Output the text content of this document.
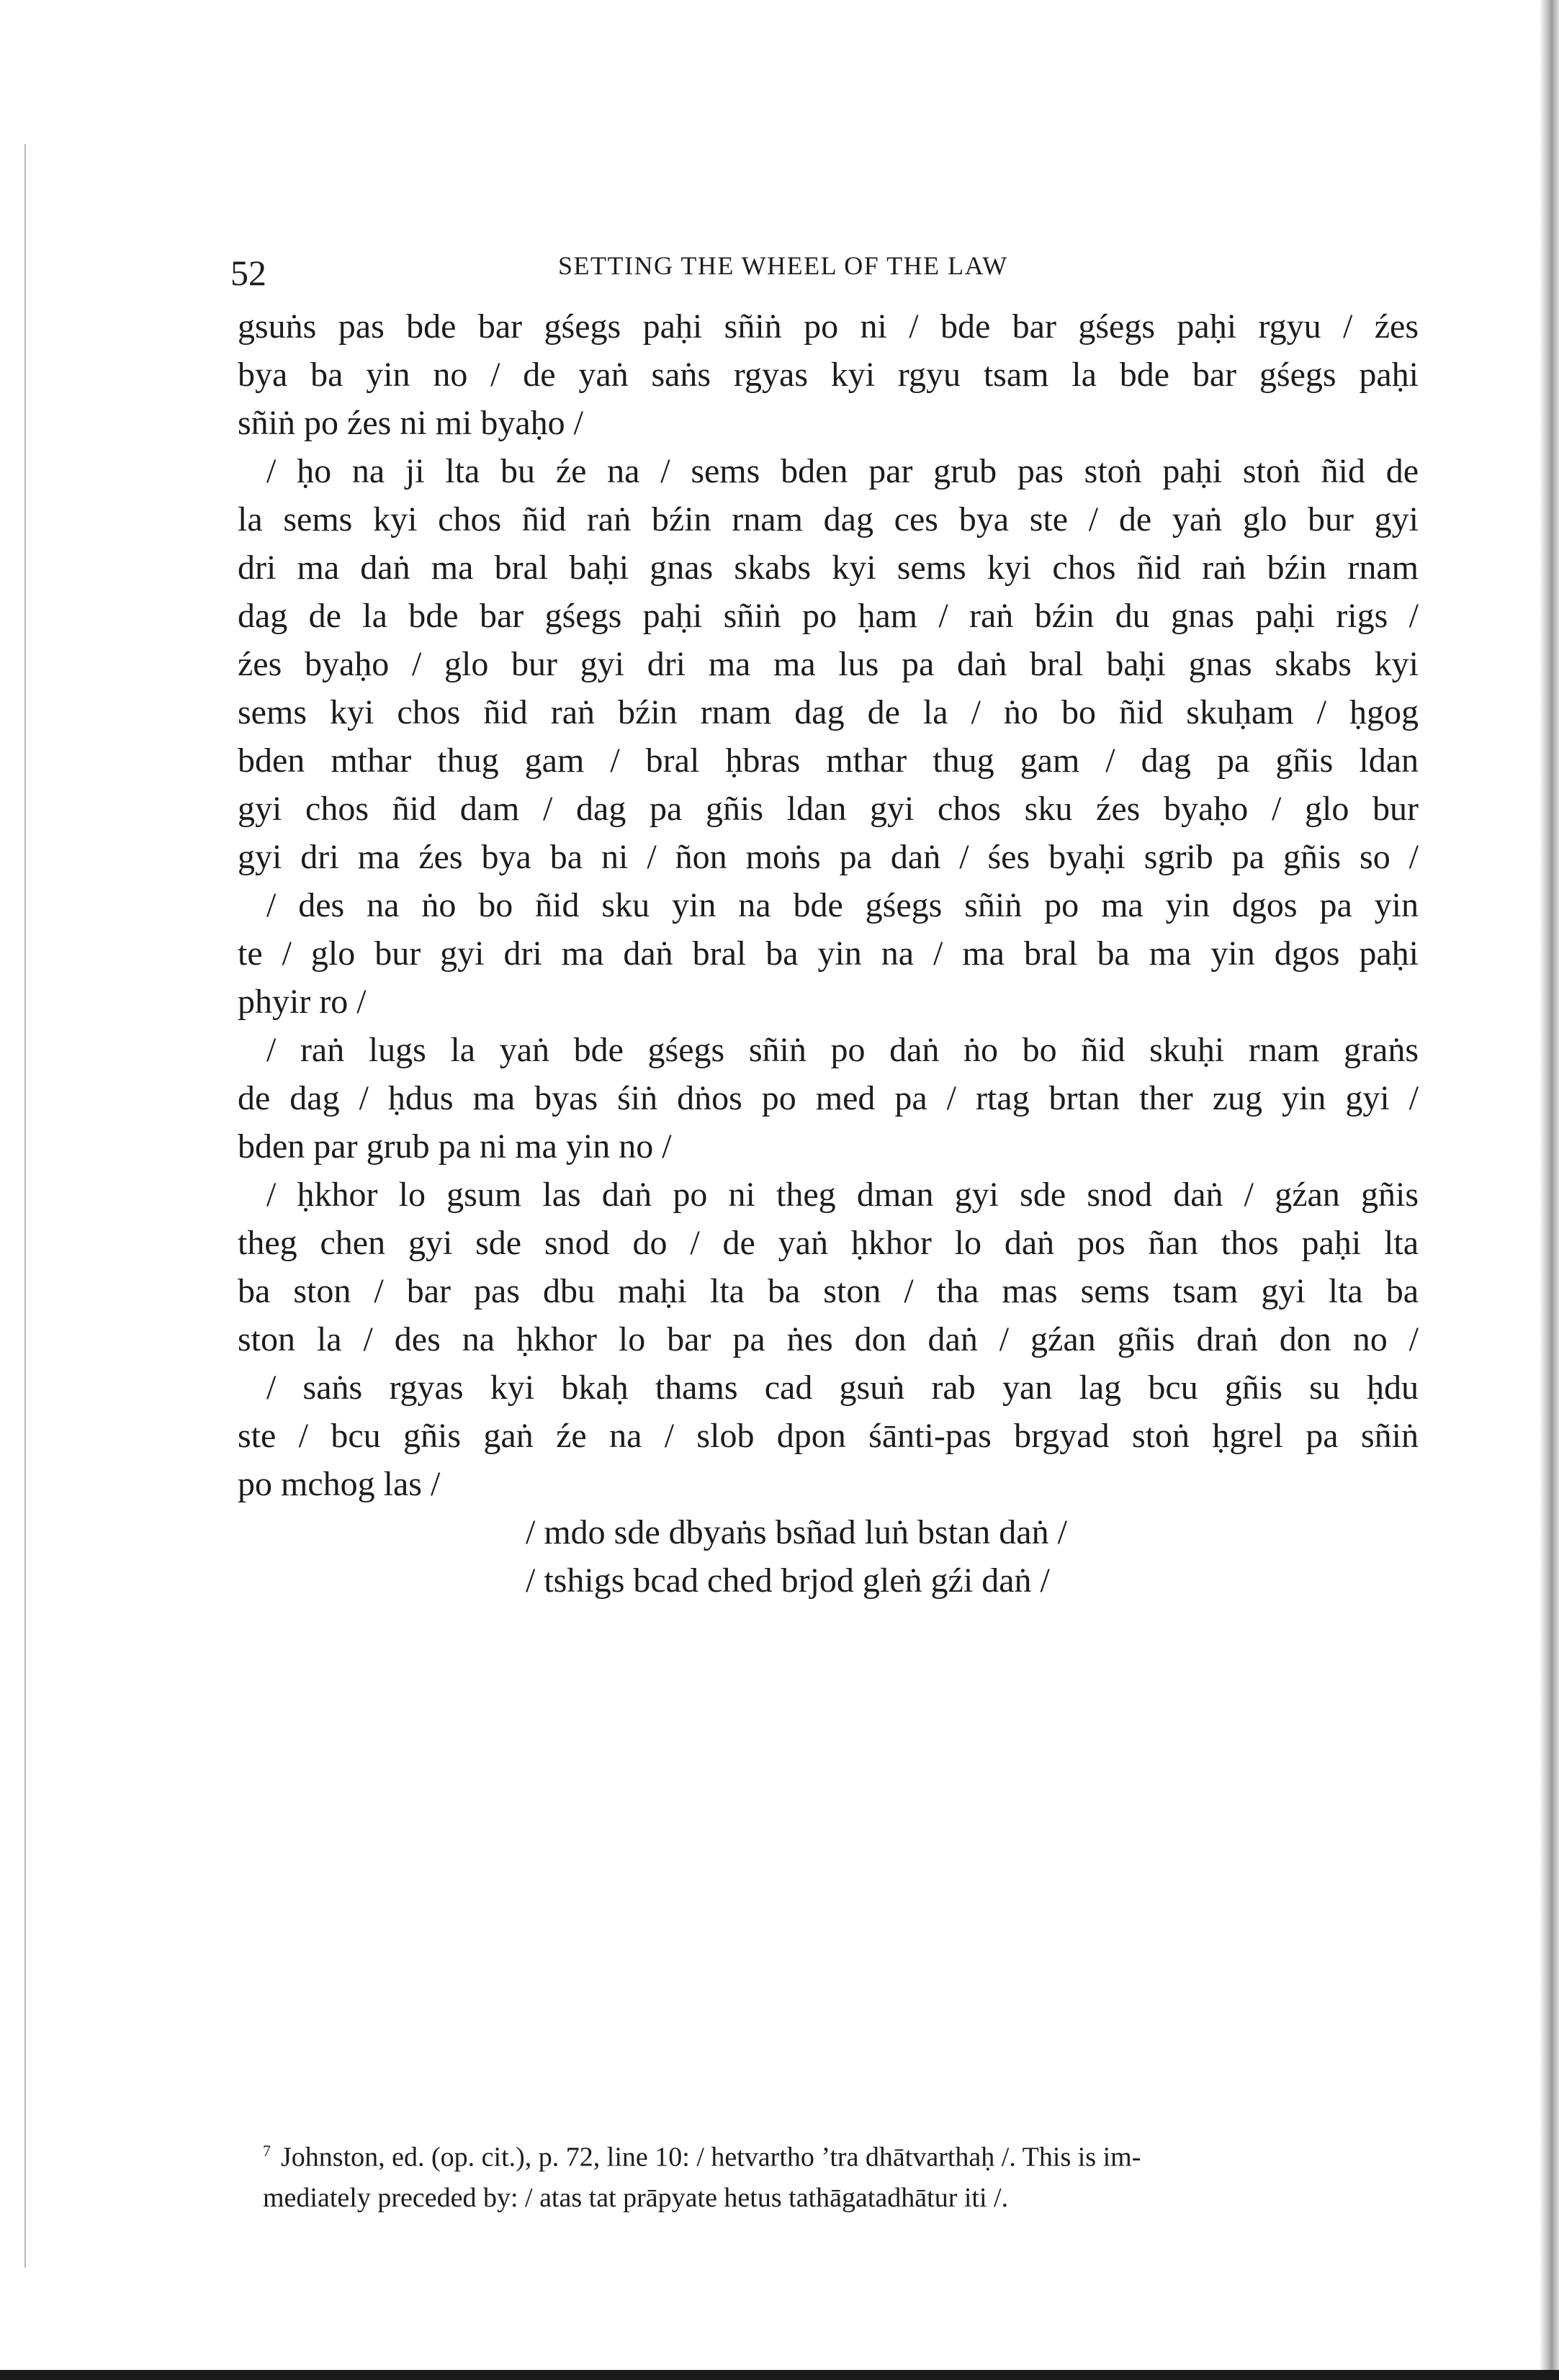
52	SETTING THE WHEEL OF THE LAW
gsuṅs pas bde bar gśegs paḥi sñiṅ po ni / bde bar gśegs paḥi rgyu / źes
bya ba yin no / de yaṅ saṅs rgyas kyi rgyu tsam la bde bar gśegs paḥi
sñiṅ po źes ni mi byaḥo /
/ ḥo na ji lta bu źe na / sems bden par grub pas stoṅ paḥi stoṅ ñid de
la sems kyi chos ñid raṅ bźin rnam dag ces bya ste / de yaṅ glo bur gyi
dri ma daṅ ma bral baḥi gnas skabs kyi sems kyi chos ñid raṅ bźin rnam
dag de la bde bar gśegs paḥi sñiṅ po ḥam / raṅ bźin du gnas paḥi rigs /
źes byaḥo / glo bur gyi dri ma ma lus pa daṅ bral baḥi gnas skabs kyi
sems kyi chos ñid raṅ bźin rnam dag de la / ṅo bo ñid skuḥam / ḥgog
bden mthar thug gam / bral ḥbras mthar thug gam / dag pa gñis ldan
gyi chos ñid dam / dag pa gñis ldan gyi chos sku źes byaḥo / glo bur
gyi dri ma źes bya ba ni / ñon moṅs pa daṅ / śes byaḥi sgrib pa gñis so /
/ des na ṅo bo ñid sku yin na bde gśegs sñiṅ po ma yin dgos pa yin
te / glo bur gyi dri ma daṅ bral ba yin na / ma bral ba ma yin dgos paḥi
phyir ro /
/ raṅ lugs la yaṅ bde gśegs sñiṅ po daṅ ṅo bo ñid skuḥi rnam graṅs
de dag / ḥdus ma byas śiṅ dṅos po med pa / rtag brtan ther zug yin gyi /
bden par grub pa ni ma yin no /
/ ḥkhor lo gsum las daṅ po ni theg dman gyi sde snod daṅ / gźan gñis
theg chen gyi sde snod do / de yaṅ ḥkhor lo daṅ pos ñan thos paḥi lta
ba ston / bar pas dbu maḥi lta ba ston / tha mas sems tsam gyi lta ba
ston la / des na ḥkhor lo bar pa ṅes don daṅ / gźan gñis draṅ don no /
/ saṅs rgyas kyi bkaḥ thams cad gsuṅ rab yan lag bcu gñis su ḥdu
ste / bcu gñis gaṅ źe na / slob dpon śānti-pas brgyad stoṅ ḥgrel pa sñiṅ
po mchog las /
/ mdo sde dbyaṅs bsñad luṅ bstan daṅ /
/ tshigs bcad ched brjod gleṅ gźi daṅ /
$^7$ Johnston, ed. (op. cit.), p. 72, line 10: / hetvartho ’tra dhātvarthaḥ /. This is im-
mediately preceded by: / atas tat prāpyate hetus tathāgatadhātur iti /.
